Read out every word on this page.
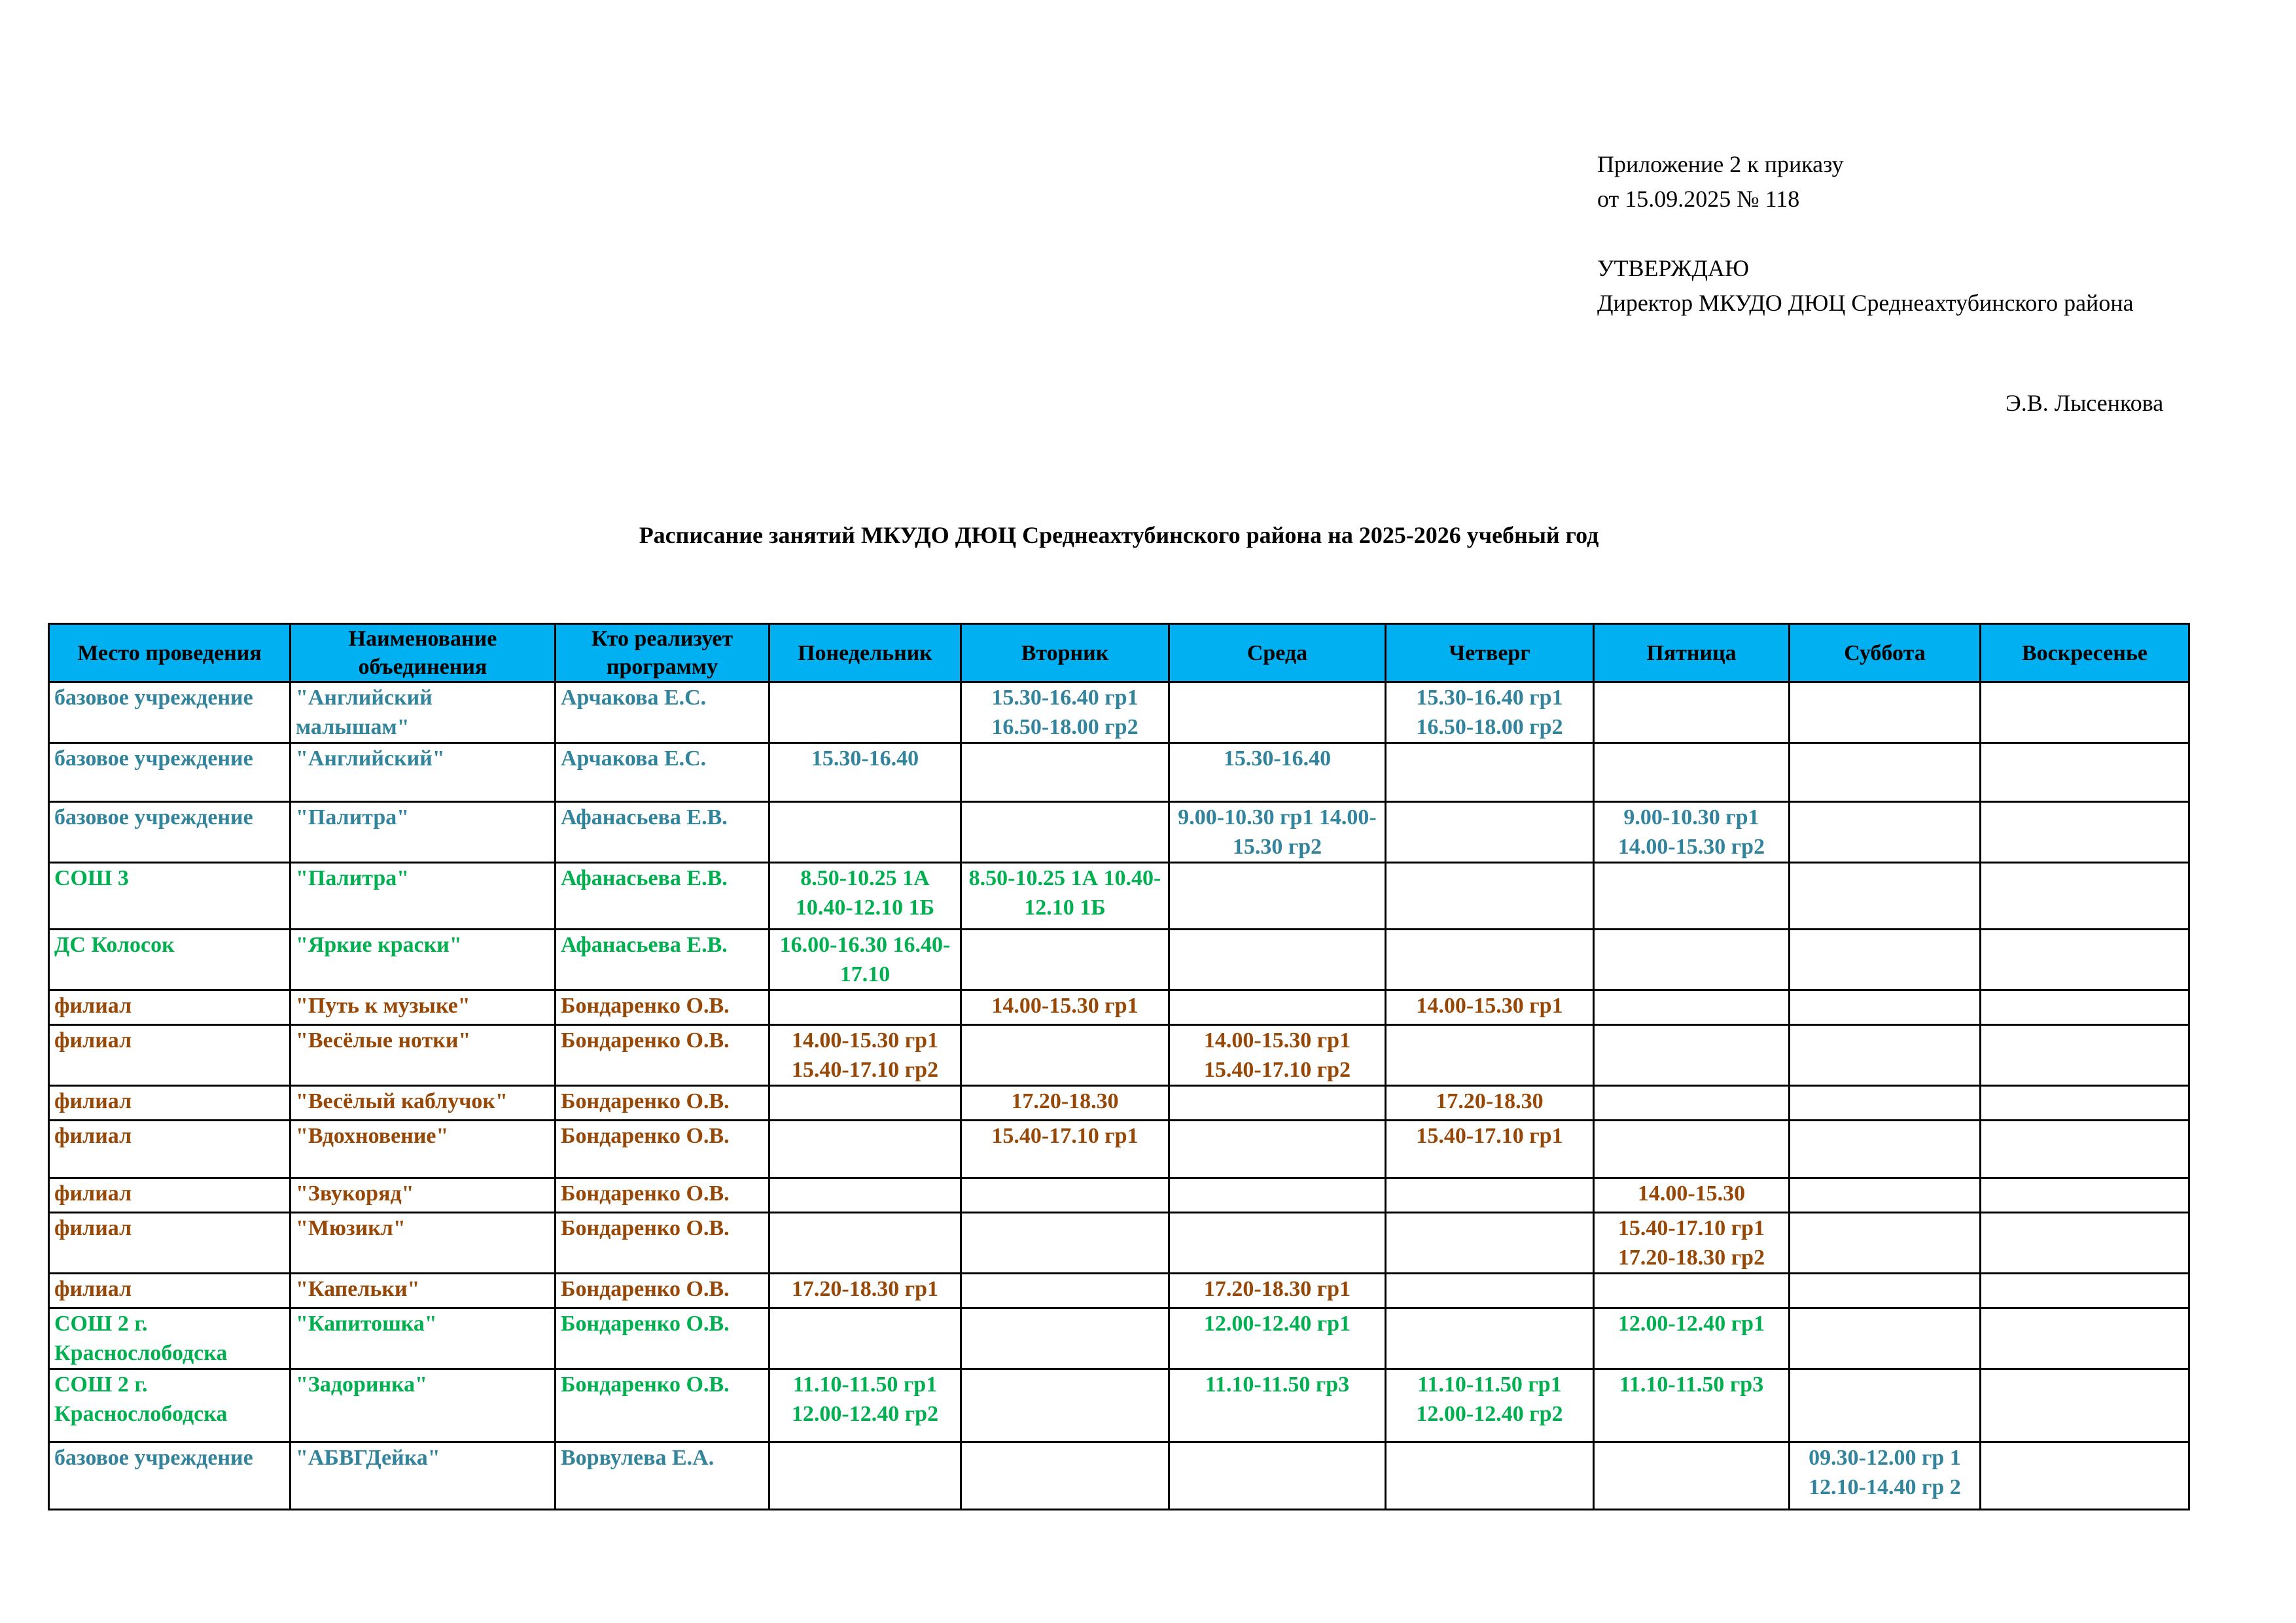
Приложение 2 к приказу
от 15.09.2025 № 118
УТВЕРЖДАЮ
Директор МКУДО ДЮЦ Среднеахтубинского района
Э.В. Лысенкова
Расписание занятий МКУДО ДЮЦ Среднеахтубинского района на 2025-2026 учебный год
Место проведения	Наименование объединения	Кто реализует программу	Понедельник	Вторник	Среда	Четверг	Пятница	Суббота	Воскресенье
базовое учреждение	"Английский малышам"	Арчакова Е.С.		15.30-16.40 гр1 16.50-18.00 гр2		15.30-16.40 гр1 16.50-18.00 гр2			
базовое учреждение	"Английский"	Арчакова Е.С.	15.30-16.40		15.30-16.40				
базовое учреждение	"Палитра"	Афанасьева Е.В.			9.00-10.30 гр1 14.00-15.30 гр2		9.00-10.30 гр1 14.00-15.30 гр2		
СОШ 3	"Палитра"	Афанасьева Е.В.	8.50-10.25 1А 10.40-12.10 1Б	8.50-10.25 1А 10.40-12.10 1Б					
ДС Колосок	"Яркие краски"	Афанасьева Е.В.	16.00-16.30 16.40-17.10						
филиал	"Путь к музыке"	Бондаренко О.В.		14.00-15.30 гр1		14.00-15.30 гр1			
филиал	"Весёлые нотки"	Бондаренко О.В.	14.00-15.30 гр1 15.40-17.10 гр2		14.00-15.30 гр1 15.40-17.10 гр2				
филиал	"Весёлый каблучок"	Бондаренко О.В.		17.20-18.30		17.20-18.30			
филиал	"Вдохновение"	Бондаренко О.В.		15.40-17.10 гр1		15.40-17.10 гр1			
филиал	"Звукоряд"	Бондаренко О.В.					14.00-15.30		
филиал	"Мюзикл"	Бондаренко О.В.					15.40-17.10 гр1 17.20-18.30 гр2		
филиал	"Капельки"	Бондаренко О.В.	17.20-18.30 гр1		17.20-18.30 гр1				
СОШ 2 г. Краснослободска	"Капитошка"	Бондаренко О.В.			12.00-12.40 гр1		12.00-12.40 гр1		
СОШ 2 г. Краснослободска	"Задоринка"	Бондаренко О.В.	11.10-11.50 гр1 12.00-12.40 гр2		11.10-11.50 гр3	11.10-11.50 гр1 12.00-12.40 гр2	11.10-11.50 гр3		
базовое учреждение	"АБВГДейка"	Ворвулева Е.А.						09.30-12.00 гр 1 12.10-14.40 гр 2	
